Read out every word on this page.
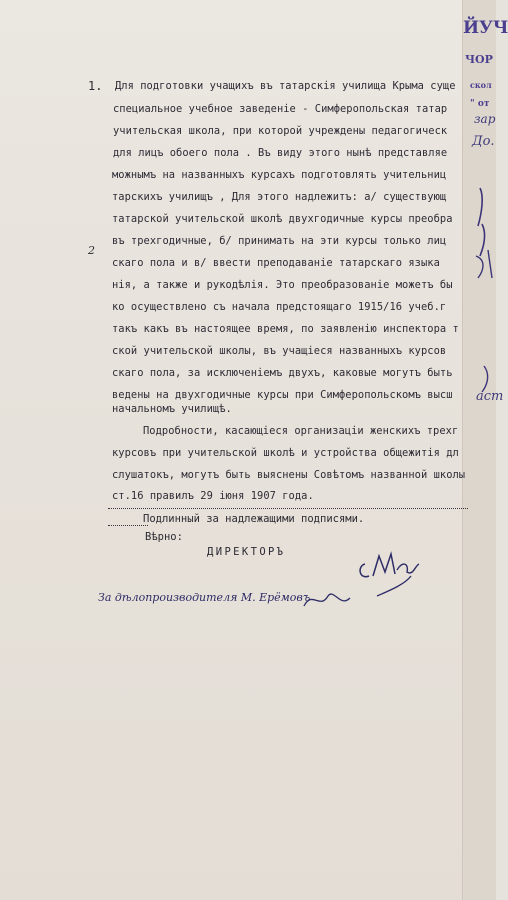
ЙУЧ
ЧОР
скол
" от
зар
До.
аст
1.
2
Для подготовки учащихъ въ татарскія училища Крыма суще
специальное учебное заведеніе - Симферопольская татар
учительская школа, при которой учреждены педагогическ
для лицъ обоего пола . Въ виду этого нынѣ представляе
можнымъ на названныхъ курсахъ подготовлять учительниц
тарскихъ училищъ , Для этого надлежитъ: а/ существующ
татарской учительской школѣ двухгодичные курсы преобра
въ трехгодичные, б/ принимать на эти курсы только лиц
скаго пола и в/ ввести преподаваніе татарскаго языка
нія, а также и рукодѣлія. Это преобразованіе можетъ бы
ко осуществлено съ начала предстоящаго 1915/16 учеб.г
такъ какъ въ настоящее время, по заявленію инспектора т
ской учительской школы, въ учащіеся названныхъ курсов
скаго пола, за исключеніемъ двухъ, каковые могутъ быть
ведены на двухгодичные курсы при Симферопольскомъ высш
начальномъ училищѣ.
Подробности, касающіеся организаціи женскихъ трехг
курсовъ при учительской школѣ и устройства общежитія дл
слушатокъ, могутъ быть выяснены Совѣтомъ названной школы
ст.16 правилъ 29 іюня 1907 года.
Подлинный за надлежащими подписями.
Вѣрно:
ДИРЕКТОРЪ
За дѣлопроизводителя М. Ерёмовъ
